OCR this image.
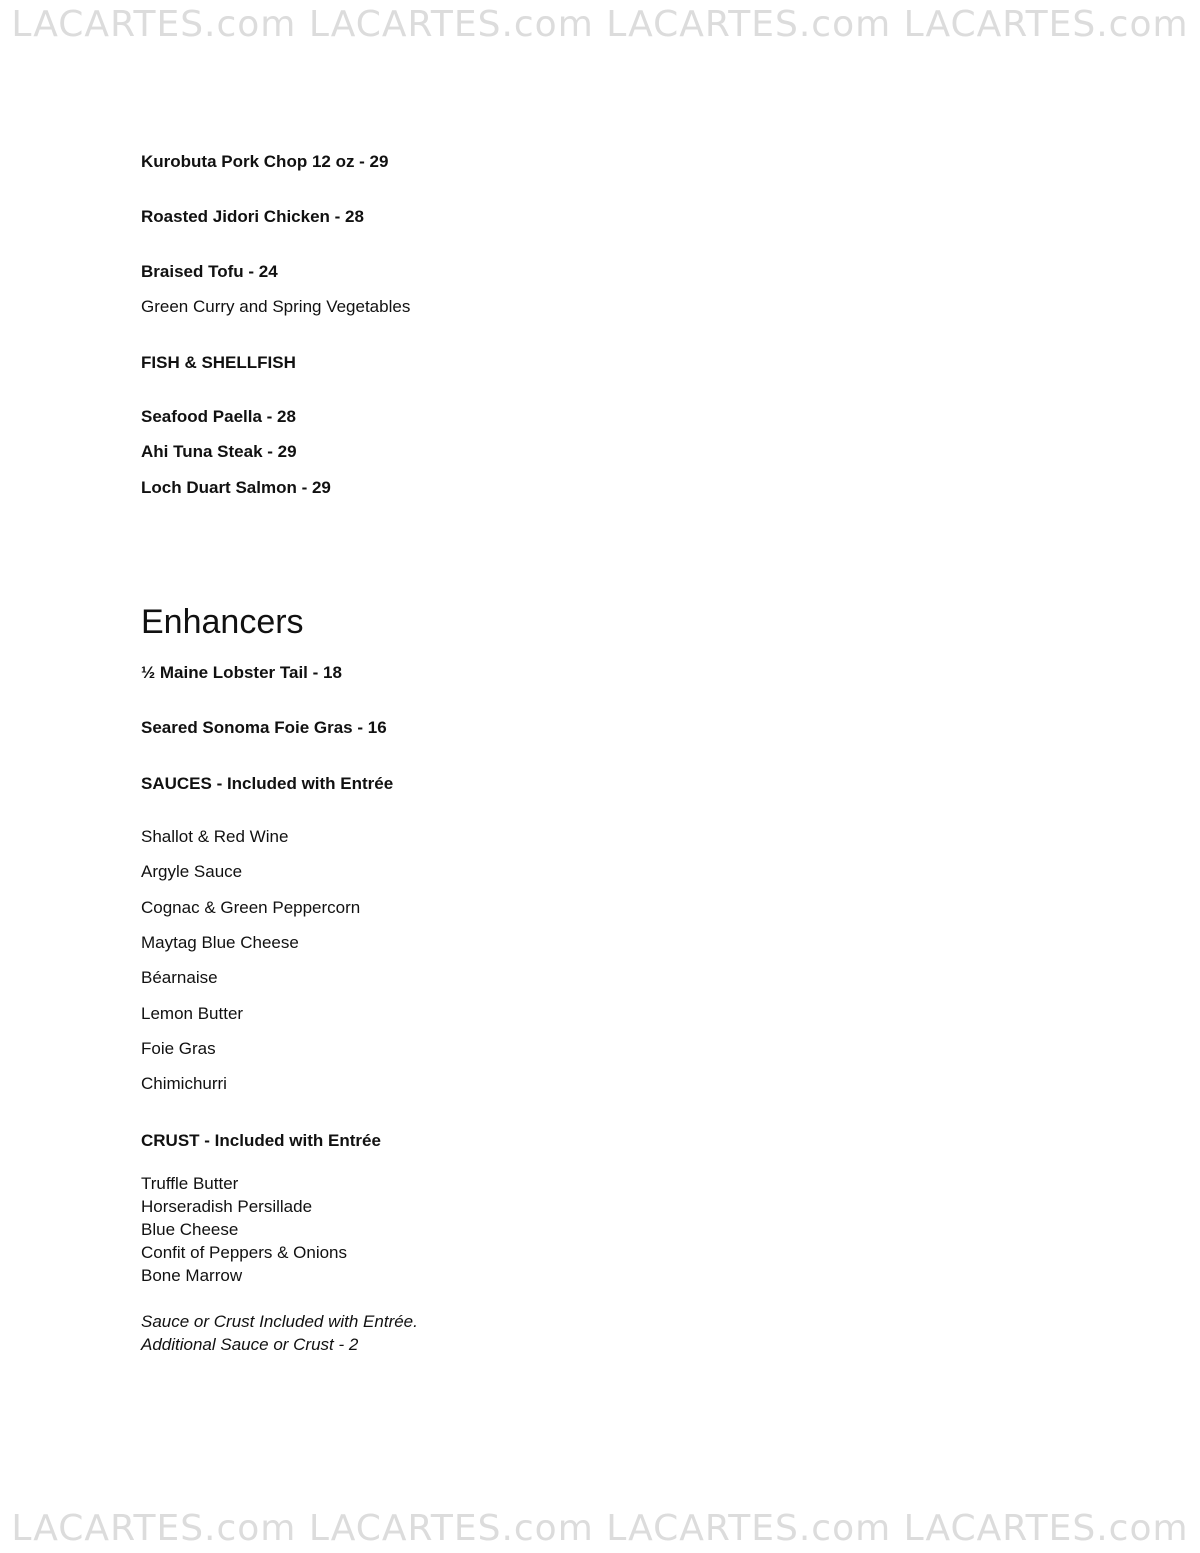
LACARTES.com LACARTES.com LACARTES.com LACARTES.com
Kurobuta Pork Chop 12 oz - 29
Roasted Jidori Chicken - 28
Braised Tofu - 24
Green Curry and Spring Vegetables
FISH & SHELLFISH
Seafood Paella - 28
Ahi Tuna Steak - 29
Loch Duart Salmon - 29
Enhancers
½ Maine Lobster Tail - 18
Seared Sonoma Foie Gras - 16
SAUCES - Included with Entrée
Shallot & Red Wine
Argyle Sauce
Cognac & Green Peppercorn
Maytag Blue Cheese
Béarnaise
Lemon Butter
Foie Gras
Chimichurri
CRUST - Included with Entrée
Truffle Butter
Horseradish Persillade
Blue Cheese
Confit of Peppers & Onions
Bone Marrow
Sauce or Crust Included with Entrée.
Additional Sauce or Crust - 2
LACARTES.com LACARTES.com LACARTES.com LACARTES.com
